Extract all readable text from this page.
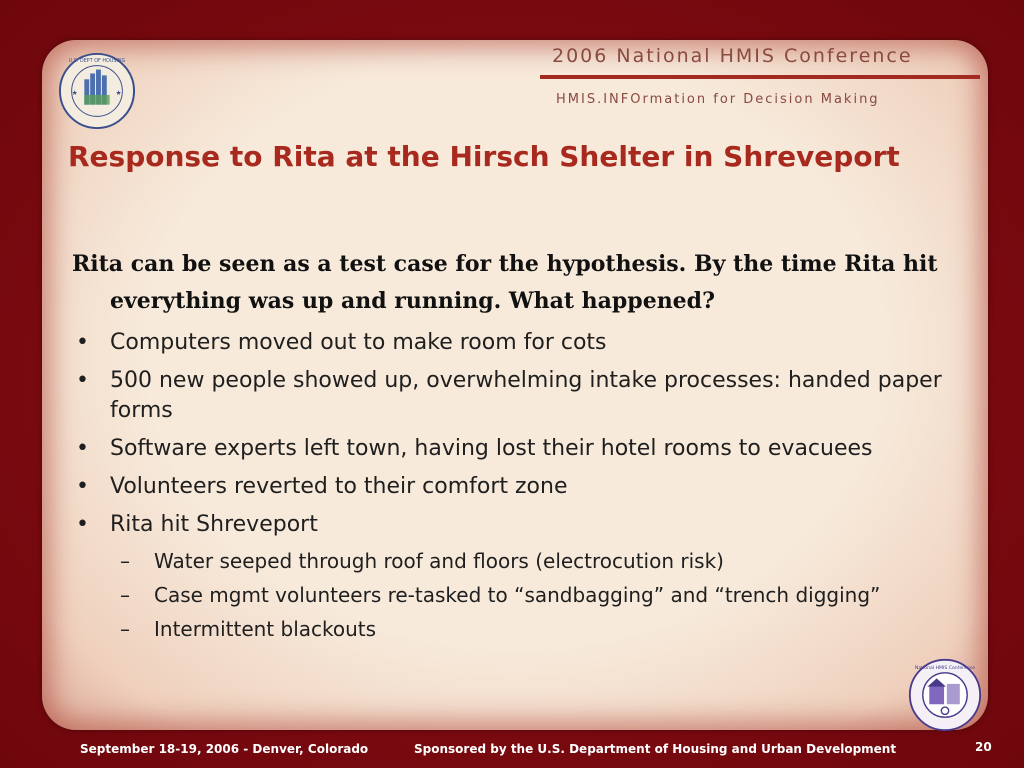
U.S. DEPT OF HOUSING
★	★
2006 National HMIS Conference
HMIS.INFOrmation for Decision Making
Response to Rita at the Hirsch Shelter in Shreveport
Rita can be seen as a test case for the hypothesis. By the time Rita hit everything was up and running. What happened?
• Computers moved out to make room for cots
• 500 new people showed up, overwhelming intake processes: handed paper forms
• Software experts left town, having lost their hotel rooms to evacuees
• Volunteers reverted to their comfort zone
• Rita hit Shreveport
– Water seeped through roof and floors (electrocution risk)
– Case mgmt volunteers re-tasked to “sandbagging” and “trench digging”
– Intermittent blackouts
National HMIS Conference
September 18-19, 2006 - Denver, Colorado	Sponsored by the U.S. Department of Housing and Urban Development	20
